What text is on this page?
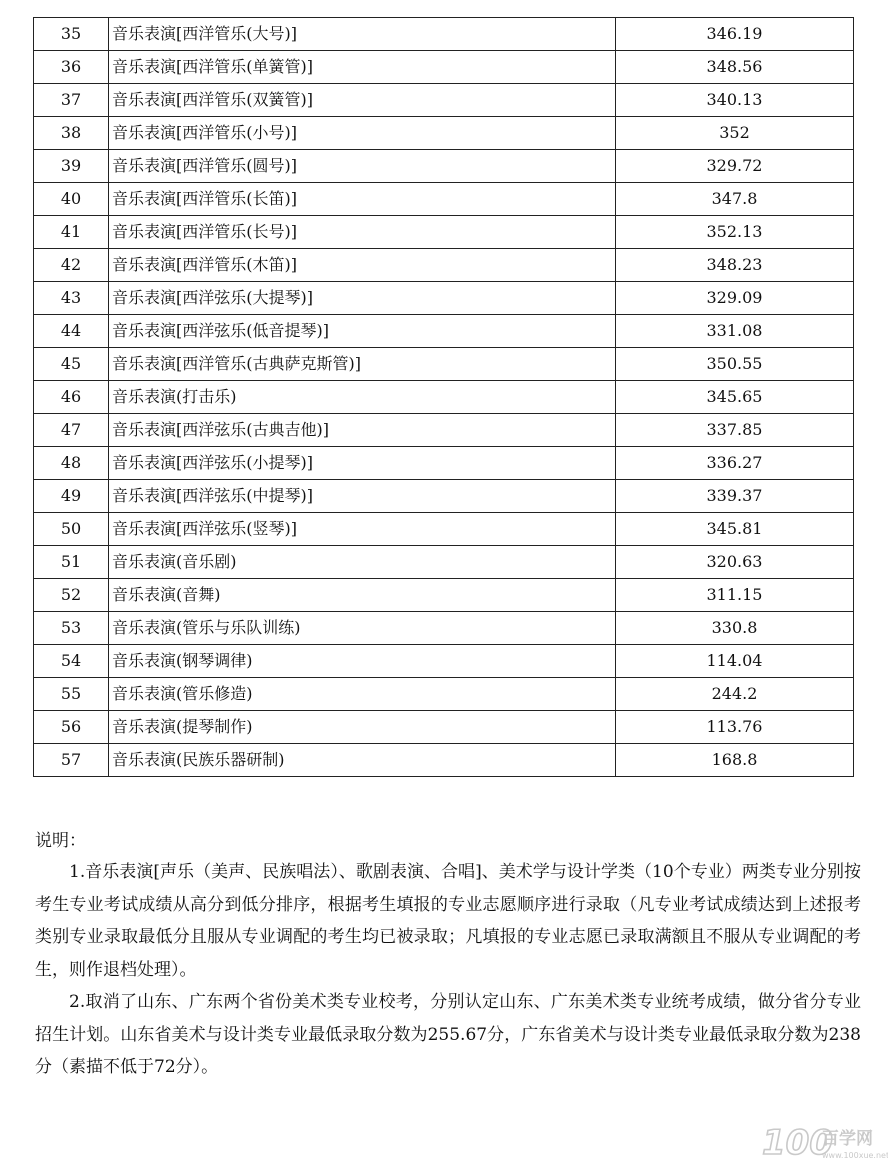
35	音乐表演[西洋管乐(大号)]	346.19
36	音乐表演[西洋管乐(单簧管)]	348.56
37	音乐表演[西洋管乐(双簧管)]	340.13
38	音乐表演[西洋管乐(小号)]	352
39	音乐表演[西洋管乐(圆号)]	329.72
40	音乐表演[西洋管乐(长笛)]	347.8
41	音乐表演[西洋管乐(长号)]	352.13
42	音乐表演[西洋管乐(木笛)]	348.23
43	音乐表演[西洋弦乐(大提琴)]	329.09
44	音乐表演[西洋弦乐(低音提琴)]	331.08
45	音乐表演[西洋管乐(古典萨克斯管)]	350.55
46	音乐表演(打击乐)	345.65
47	音乐表演[西洋弦乐(古典吉他)]	337.85
48	音乐表演[西洋弦乐(小提琴)]	336.27
49	音乐表演[西洋弦乐(中提琴)]	339.37
50	音乐表演[西洋弦乐(竖琴)]	345.81
51	音乐表演(音乐剧)	320.63
52	音乐表演(音舞)	311.15
53	音乐表演(管乐与乐队训练)	330.8
54	音乐表演(钢琴调律)	114.04
55	音乐表演(管乐修造)	244.2
56	音乐表演(提琴制作)	113.76
57	音乐表演(民族乐器研制)	168.8
说明：

1.音乐表演[声乐（美声、民族唱法）、歌剧表演、合唱]、美术学与设计学类（10个专业）两类专业分别按考生专业考试成绩从高分到低分排序，根据考生填报的专业志愿顺序进行录取（凡专业考试成绩达到上述报考类别专业录取最低分且服从专业调配的考生均已被录取；凡填报的专业志愿已录取满额且不服从专业调配的考生，则作退档处理）。

2.取消了山东、广东两个省份美术类专业校考，分别认定山东、广东美术类专业统考成绩，做分省分专业招生计划。山东省美术与设计类专业最低录取分数为255.67分，广东省美术与设计类专业最低录取分数为238分（素描不低于72分）。

100
百学网
www.100xue.net
